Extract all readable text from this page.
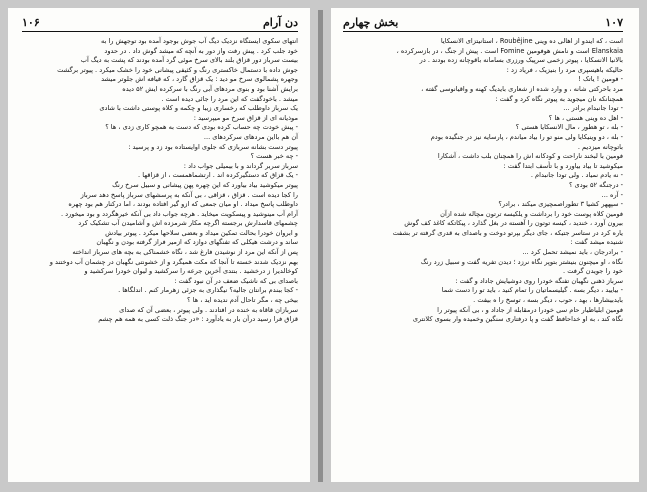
دن آرام
۱۰۶

انتهای سکوی ایستگاه نزدیک دیگ آب جوش بوجود آمده بود توجهش را به

خود جلب کرد . پیش رفت واز دور به آنچه که میشد گوش داد . در حدود

بیست سرباز دور قزاق بلند بالای سرخ موئی گرد آمده بودند که پشت به دیگ آب

جوش داده با دستمال خاکستری رنگ و کثیفی پیشانی خود را خشک میکرد . پیوتر برگشت

وجهره پشمالوی سرخ مو دید : یک قزاق گارد ، که قیافه اش جلوتر میشد

برایش آشنا بود و بنوی مردهای آبی رنگ با سرکرده ایش ۵۲ دیده

میشد . باخودگفت که این مرد را جائی دیده است .

یک سرباز داوطلب که رخساری زیبا و چکمه و کلاه پوستی داشت با شادی

موذیانه ای از قزاق سرخ مو میپرسید :

- پیش خودت چه حساب کرده بودی که دست به همچو کاری زدی ، ها ؟

آن هم بااین مردهای سرکردهای ...

پیوتر دست بشانه سربازی که جلوی اوایستاده بود زد و پرسید :

- چه خبر هست ؟

سرباز سربر گرداند و با بیمیلی جواب داد :

- یک قزاق که دستگیرکرده اند . ارتشماهمست ، از قزاقها .

پیوتر میکوشید بیاد بیاورد که این چهره پهن پیشانی و سبیل سرخ رنگ

را کجا دیده است . قزاق ، قزاقی ، بی آنکه به پرسشهای سرباز پاسخ دهد سرباز

داوطلب پاسخ میداد . او میان جمعی که ازو گیر افتاده بودند ، اما درکنار هم بود چهره

آرام آب مینوشید و پیسکویت میخاید . هرچه جواب داد بی آنکه خیرهگردد و بود میخورد .

چشمهای قاسدارش برجسته اگرچه مکار شرمزده اش و آشامیدن آب تشکیک کرد

و ابروان خودرا بحالت تمکین میداد و بعضی سلاحها میکرد . پیوتر بیادش

ساند و درشت هیکلی که تفنگهای دوازد که ازمیر فراز گرفته بودن و نگهبان

پس از آنکه این مرد از نوشیدن فارغ شد ، نگاه خشمناکی به بچه های سرباز انداخته

بهم نزدیک شدند خسته تا آنجا که مکت همیگرد و از خشونتی نگهبان در چشمان آب دوختند و

کوخالدیرا ز درخشید . بنتدی آخرین جرعه را سرکشید و لیوان خودرا سرکشید و

باصدای بی که ناشیک ضعف در آن نبود گفت :

- کجا ببندم برانتان جالیه؟ نیگذاری به جزئی زهرمار کنم . اندلگاها .

بیخی چه ، مگر تاحال آدم ندیده اید ، ها ؟

سربازان قاقاه به خنده در افتادند . ولی پیوتر ، بعضی آن که صدای

قزاق فرا رسید درآن بار به یادآورد : «در جنگ ذلت کسی به همه هم چشم

۱۰۷
بخش چهارم

است ، که ایندو از اهالی ده وینی Roubêjine ، استانیتزای الانسکایا

Elanskaia است و نامش هوفومین Fomine است . پیش از جنگ ، در بازسرکرده ،

بالانیا الانسکایا ، پیوتر زخمی سرپیک ورزری بسامانه باقوچانه زده بودند . در

حالیکه باهیسپری مرد را بنیزیک ، فریاد زد :

- فومین ! یاتک !

مرد باحرکتی شانه ، و وارد شده از شعاری بایدیگ کهنه و واقیانوسی گفته ،

همچنانکه نان میجوید به پیوتر نگاه کرد و گفت :

- تودا جانبدام برادر ...

- اهل ده وینی هستی ، ها ؟

- بله ، تو هطور ، مال الانسکایا هستی ؟

- بله ، دو وینیکایا ولی منو تو را بیاد میاندم ، پارسایه نیز در جنگیده بودم

باتوچانه میزدیم .

فومین با لبخند ناراحت و کودکانه اش را همچنان بلب داشت ، آشکارا

میکوشید تا بیاد بیاورد و با تأسف ابتدا گفت :

- نه یادم نمیاد . ولی تودا جانبدام .

- درجنگه ۵۲ بودی ؟

- آره ...

- سپههر کشیا ۳ تطوراصمچیزی میکند ، برادر؟

فومین کلاه پوست خود را برداشت و یلکیسه ترتون مچاله شده ازآن

بیرون آورد ، خندید ، کیسه توتون را آهسته در بغل گذارد ، پیکاتکه کاغذ کف گوش

یاره کرد در ستاسر جتیکه ، جای دیگر بپرتو دوخت و باصدای به قدری گرفته تر بشفت

شنیده میشد گفت :

- برادرجان ، باید نمیشد تحمل کرد ...

نگاه ، او میچنون بنیشتر بتوپر نگاه نرزد ؛ دیدن تفریه گفت و سبیل زرد رنگ

خود را جویدن گرفت .

سرباز ذهنی نگهبان تفنگه خودرا روی دوشیایش جاداد و گفت :

- بیایید ، دیگر بسه . گیلیسماتیان را تمام کنید ، باید تو را دست شما

بایدبیشارها ، بهد ، حوب ، دیگر بسه ، توسخ را ه بیفت .

فومین ابلیاظیار حام سی خودرا درمقابله از جاداد و ، بی آنکه پیوتر را

نگاه کند ، به او خداحافظ گفت و پا درفتاری سنگین وخمیده وار بسوی کلانتری
